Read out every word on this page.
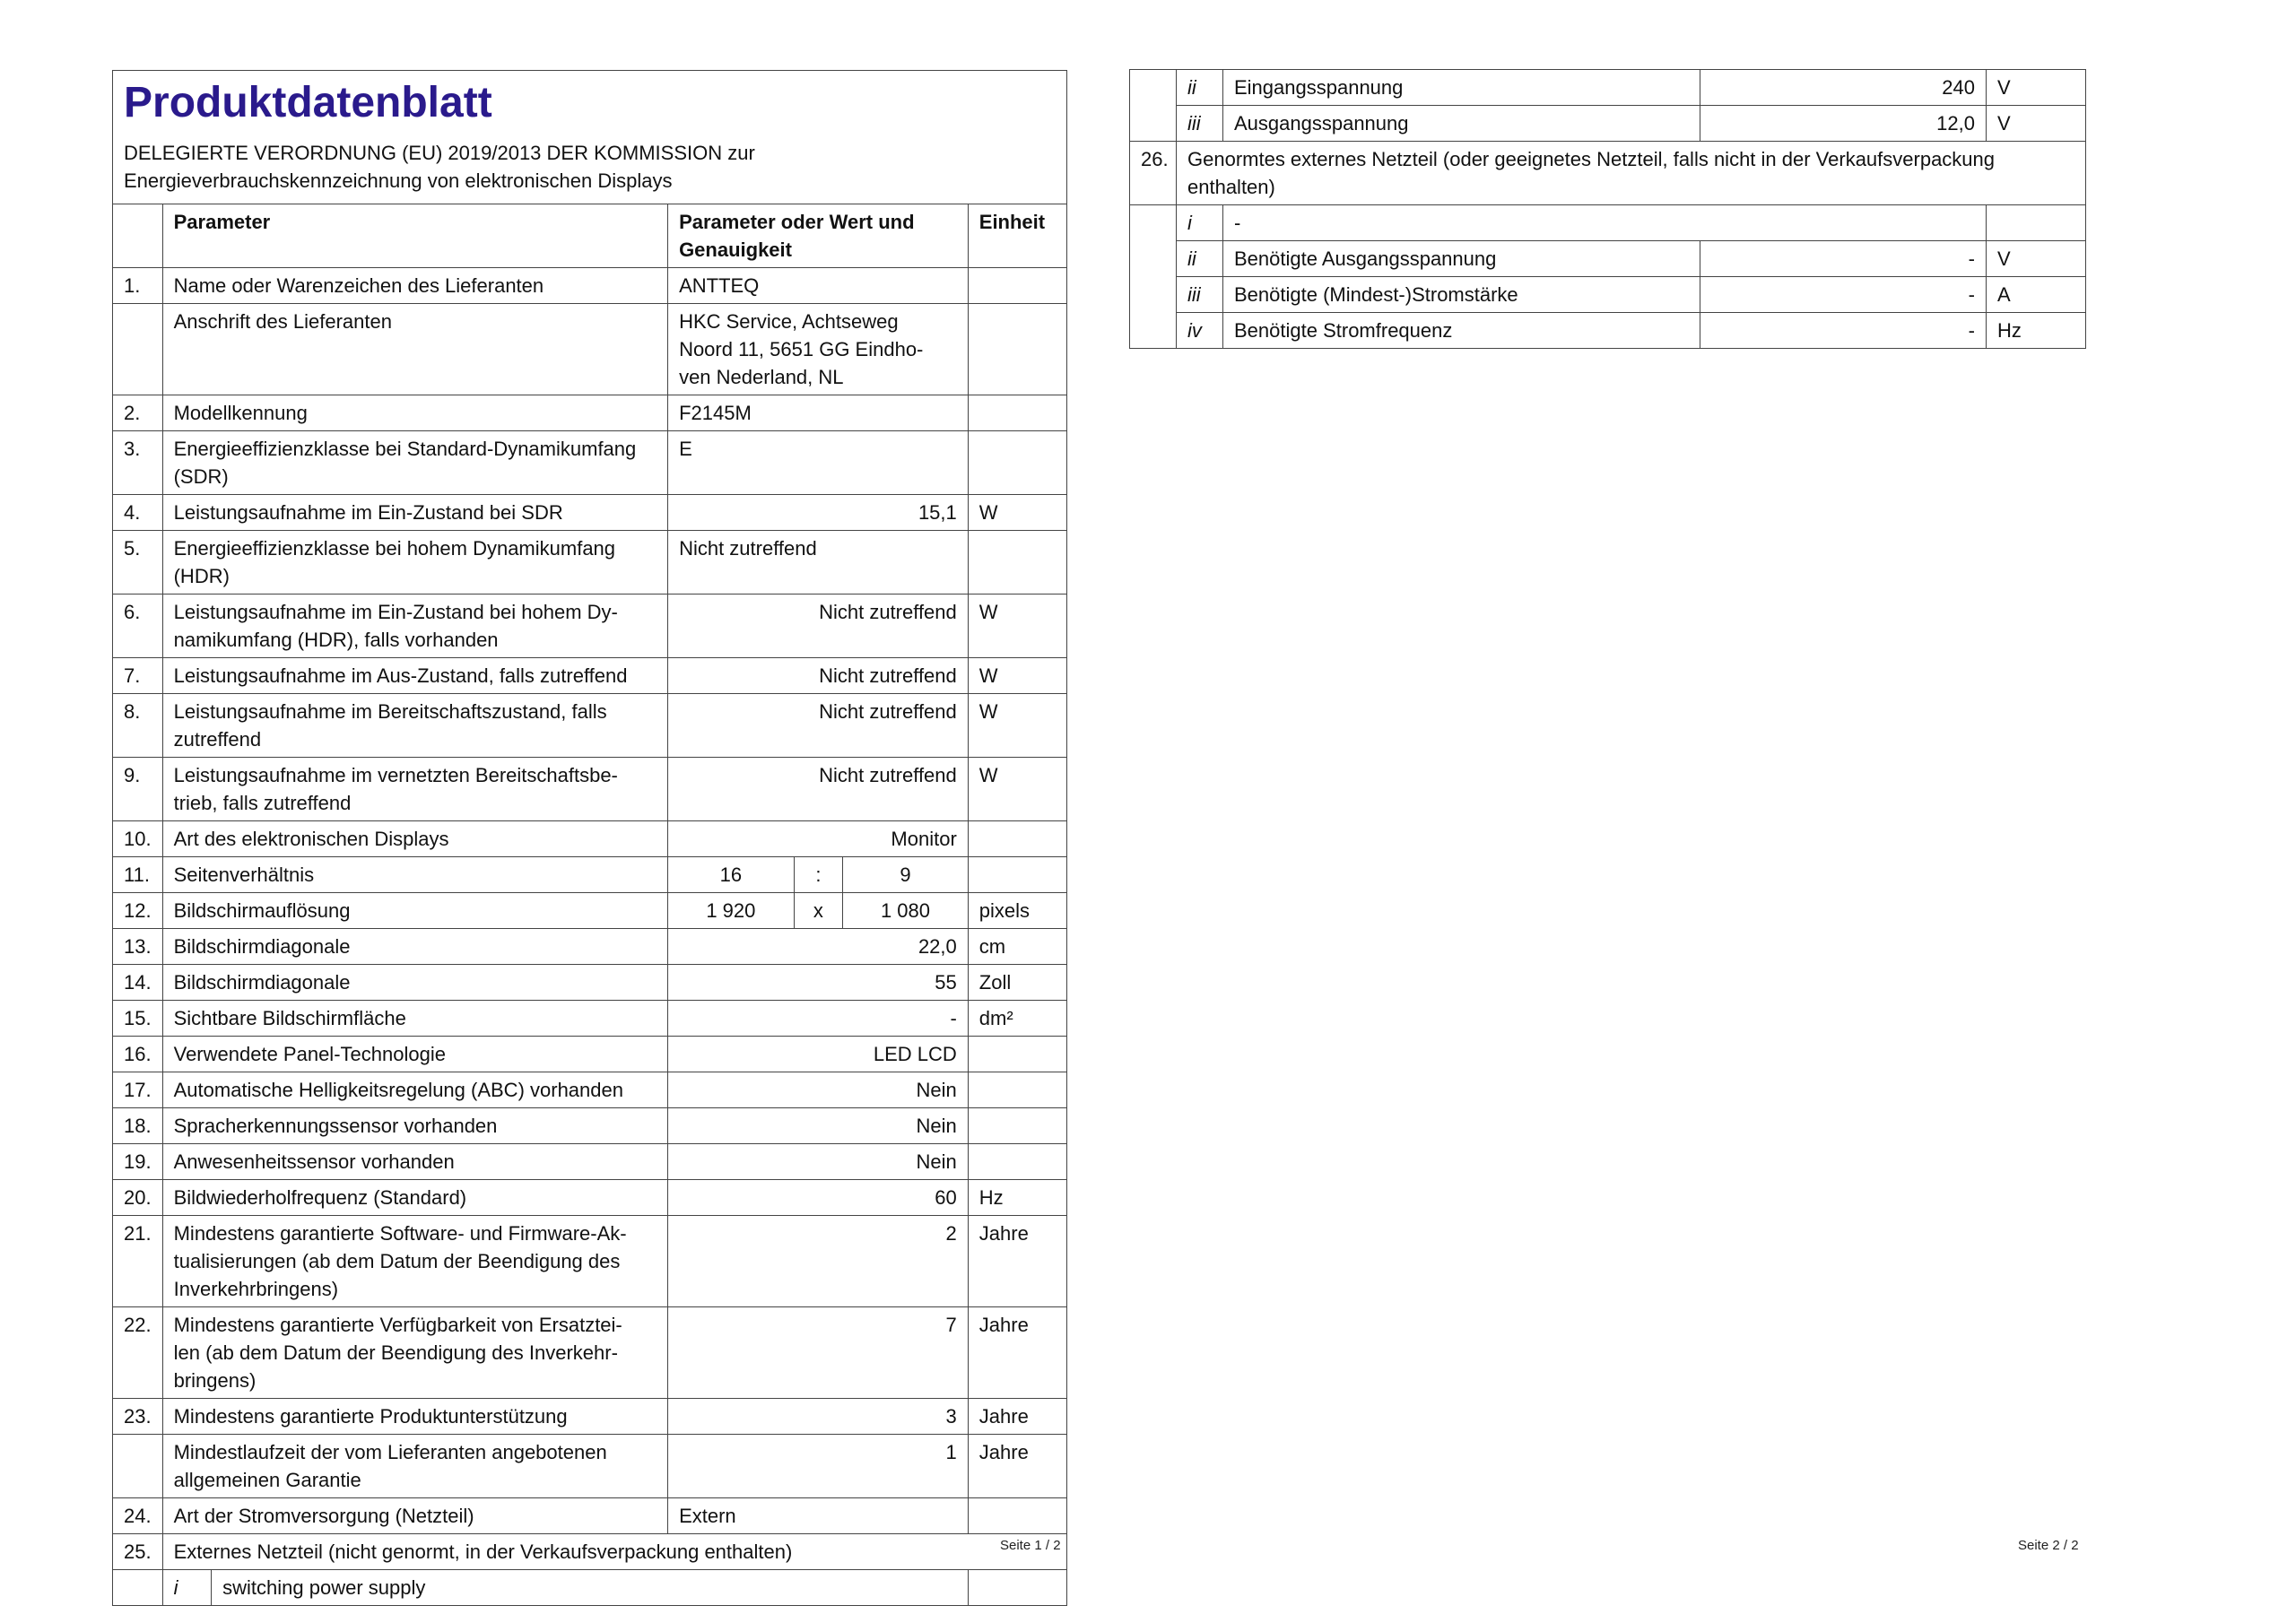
Produktdatenblatt
DELEGIERTE VERORDNUNG (EU) 2019/2013 DER KOMMISSION zur
Energieverbrauchskennzeichnung von elektronischen Displays
	Parameter		Parameter oder Wert und
Genauigkeit			Einheit
1.	Name oder Warenzeichen des Lieferanten		ANTTEQ			
	Anschrift des Lieferanten		HKC Service, Achtseweg
Noord 11, 5651 GG Eindho-
ven Nederland, NL			
2.	Modellkennung		F2145M			
3.	Energieeffizienzklasse bei Standard-Dynamikumfang
(SDR)		E			
4.	Leistungsaufnahme im Ein-Zustand bei SDR		15,1			W
5.	Energieeffizienzklasse bei hohem Dynamikumfang
(HDR)		Nicht zutreffend			
6.	Leistungsaufnahme im Ein-Zustand bei hohem Dy-
namikumfang (HDR), falls vorhanden		Nicht zutreffend			W
7.	Leistungsaufnahme im Aus-Zustand, falls zutreffend		Nicht zutreffend			W
8.	Leistungsaufnahme im Bereitschaftszustand, falls
zutreffend		Nicht zutreffend			W
9.	Leistungsaufnahme im vernetzten Bereitschaftsbe-
trieb, falls zutreffend		Nicht zutreffend			W
10.	Art des elektronischen Displays		Monitor			
11.	Seitenverhältnis		16	:	9	
12.	Bildschirmauflösung		1 920	x	1 080	pixels
13.	Bildschirmdiagonale		22,0			cm
14.	Bildschirmdiagonale		55			Zoll
15.	Sichtbare Bildschirmfläche		-			dm²
16.	Verwendete Panel-Technologie		LED LCD			
17.	Automatische Helligkeitsregelung (ABC) vorhanden		Nein			
18.	Spracherkennungssensor vorhanden		Nein			
19.	Anwesenheitssensor vorhanden		Nein			
20.	Bildwiederholfrequenz (Standard)		60			Hz
21.	Mindestens garantierte Software- und Firmware-Ak-
tualisierungen (ab dem Datum der Beendigung des
Inverkehrbringens)		2			Jahre
22.	Mindestens garantierte Verfügbarkeit von Ersatztei-
len (ab dem Datum der Beendigung des Inverkehr-
bringens)		7			Jahre
23.	Mindestens garantierte Produktunterstützung		3			Jahre
	Mindestlaufzeit der vom Lieferanten angebotenen
allgemeinen Garantie		1			Jahre
24.	Art der Stromversorgung (Netzteil)		Extern			
25.	Externes Netzteil (nicht genormt, in der Verkaufsverpackung enthalten)					
	i	switching power supply				
Seite 1 / 2
	ii	Eingangsspannung	240	V
	iii	Ausgangsspannung	12,0	V
26.	Genormtes externes Netzteil (oder geeignetes Netzteil, falls nicht in der Verkaufsverpackung enthalten)			
	i	-		
	ii	Benötigte Ausgangsspannung	-	V
	iii	Benötigte (Mindest-)Stromstärke	-	A
	iv	Benötigte Stromfrequenz	-	Hz
Seite 2 / 2
